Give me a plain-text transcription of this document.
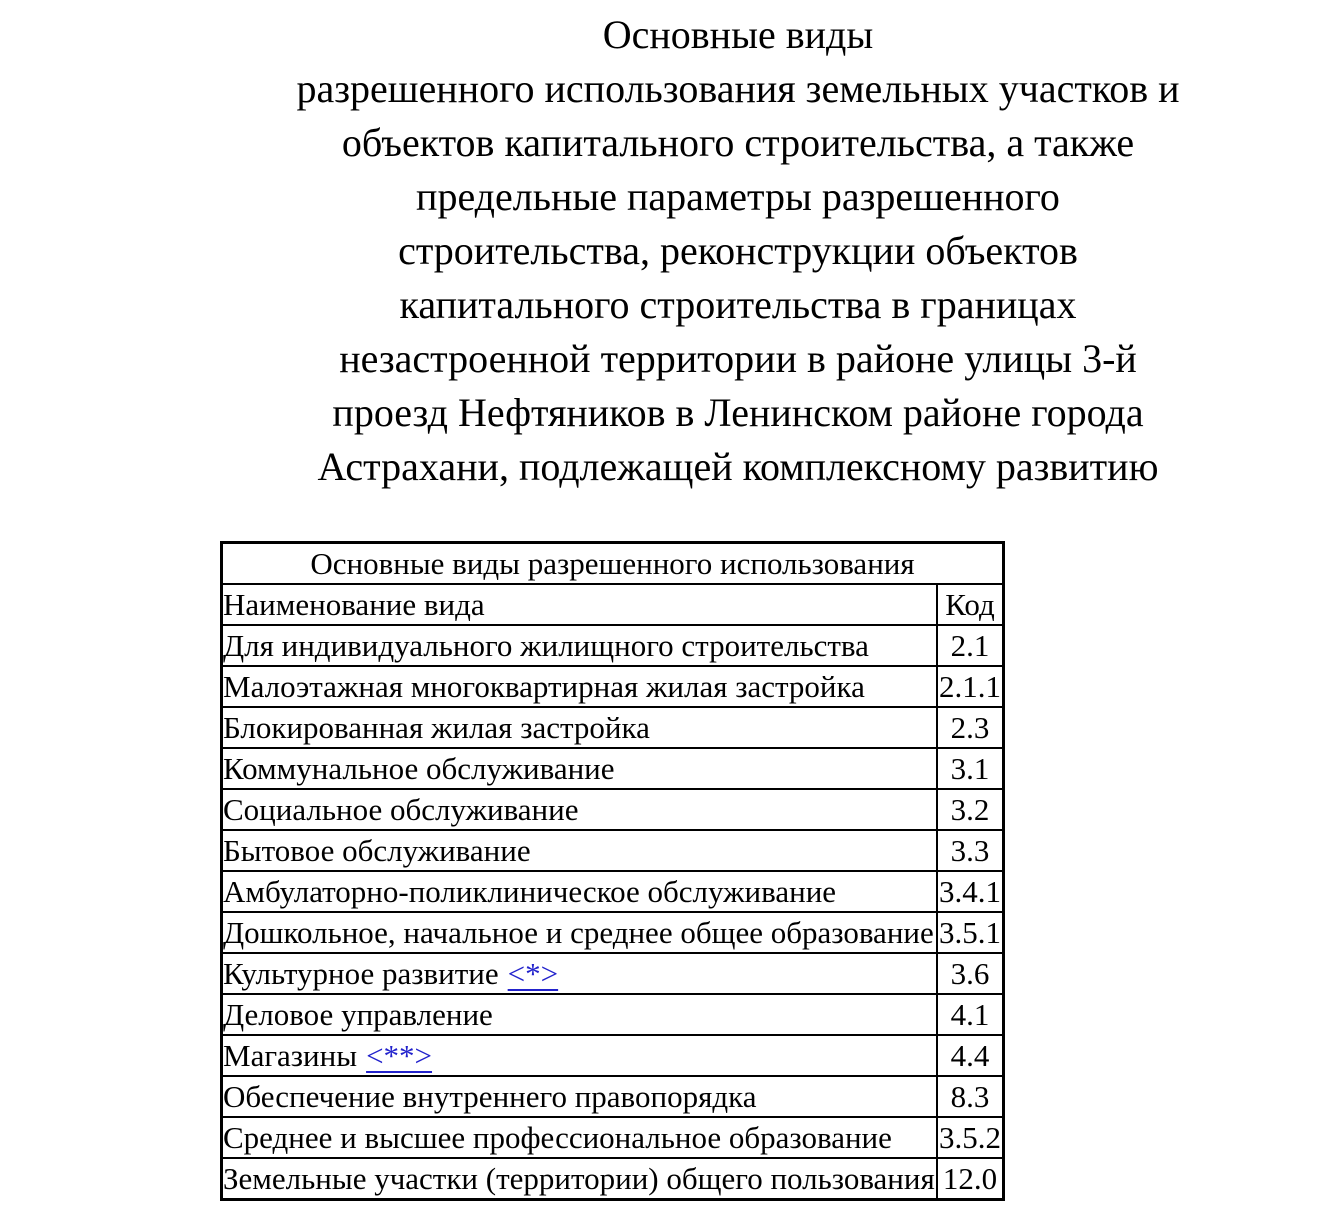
Основные виды
разрешенного использования земельных участков и
объектов капитального строительства, а также
предельные параметры разрешенного
строительства, реконструкции объектов
капитального строительства в границах
незастроенной территории в районе улицы 3-й
проезд Нефтяников в Ленинском районе города
Астрахани, подлежащей комплексному развитию
Основные виды разрешенного использования	
Наименование вида	Код
Для индивидуального жилищного строительства	2.1
Малоэтажная многоквартирная жилая застройка	2.1.1
Блокированная жилая застройка	2.3
Коммунальное обслуживание	3.1
Социальное обслуживание	3.2
Бытовое обслуживание	3.3
Амбулаторно-поликлиническое обслуживание	3.4.1
Дошкольное, начальное и среднее общее образование	3.5.1
Культурное развитие <*>	3.6
Деловое управление	4.1
Магазины <**>	4.4
Обеспечение внутреннего правопорядка	8.3
Среднее и высшее профессиональное образование	3.5.2
Земельные участки (территории) общего пользования	12.0
